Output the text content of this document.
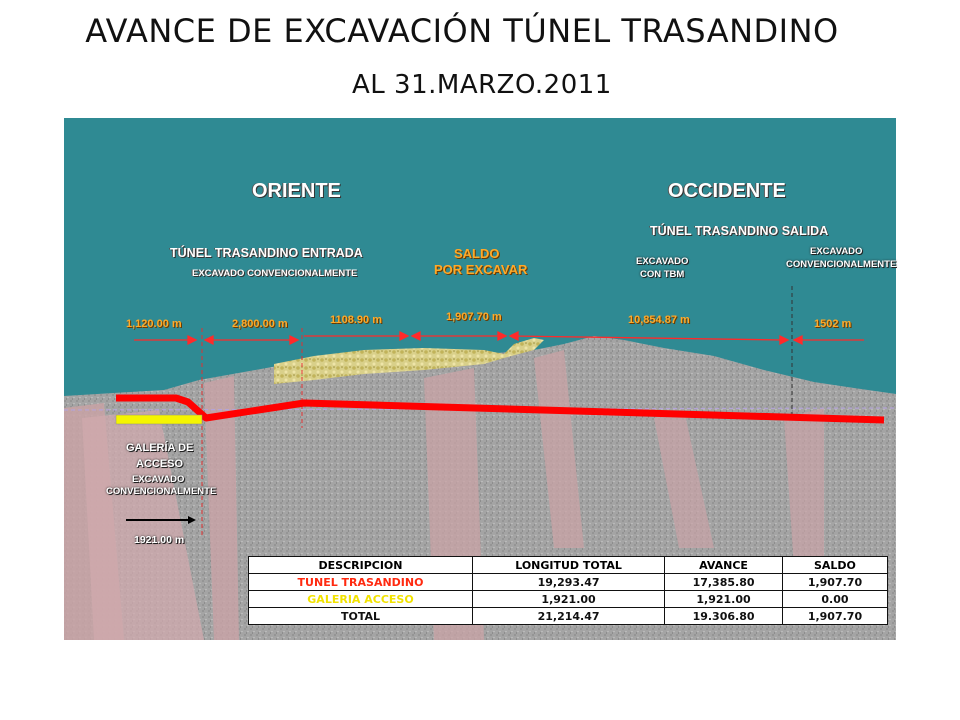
AVANCE DE EXCAVACIÓN TÚNEL TRASANDINO
AL 31.MARZO.2011
ORIENTE	OCCIDENTE
TÚNEL TRASANDINO ENTRADA
EXCAVADO CONVENCIONALMENTE
SALDO
POR EXCAVAR
TÚNEL TRASANDINO SALIDA
EXCAVADO
CON TBM
EXCAVADO
CONVENCIONALMENTE
1,120.00 m	2,800.00 m	1108.90 m	1,907.70 m	10,854.87 m	1502 m
GALERÍA DE
ACCESO
EXCAVADO
CONVENCIONALMENTE
1921.00 m
DESCRIPCION	LONGITUD TOTAL	AVANCE	SALDO
TUNEL TRASANDINO	19,293.47	17,385.80	1,907.70
GALERIA ACCESO	1,921.00	1,921.00	0.00
TOTAL	21,214.47	19.306.80	1,907.70
